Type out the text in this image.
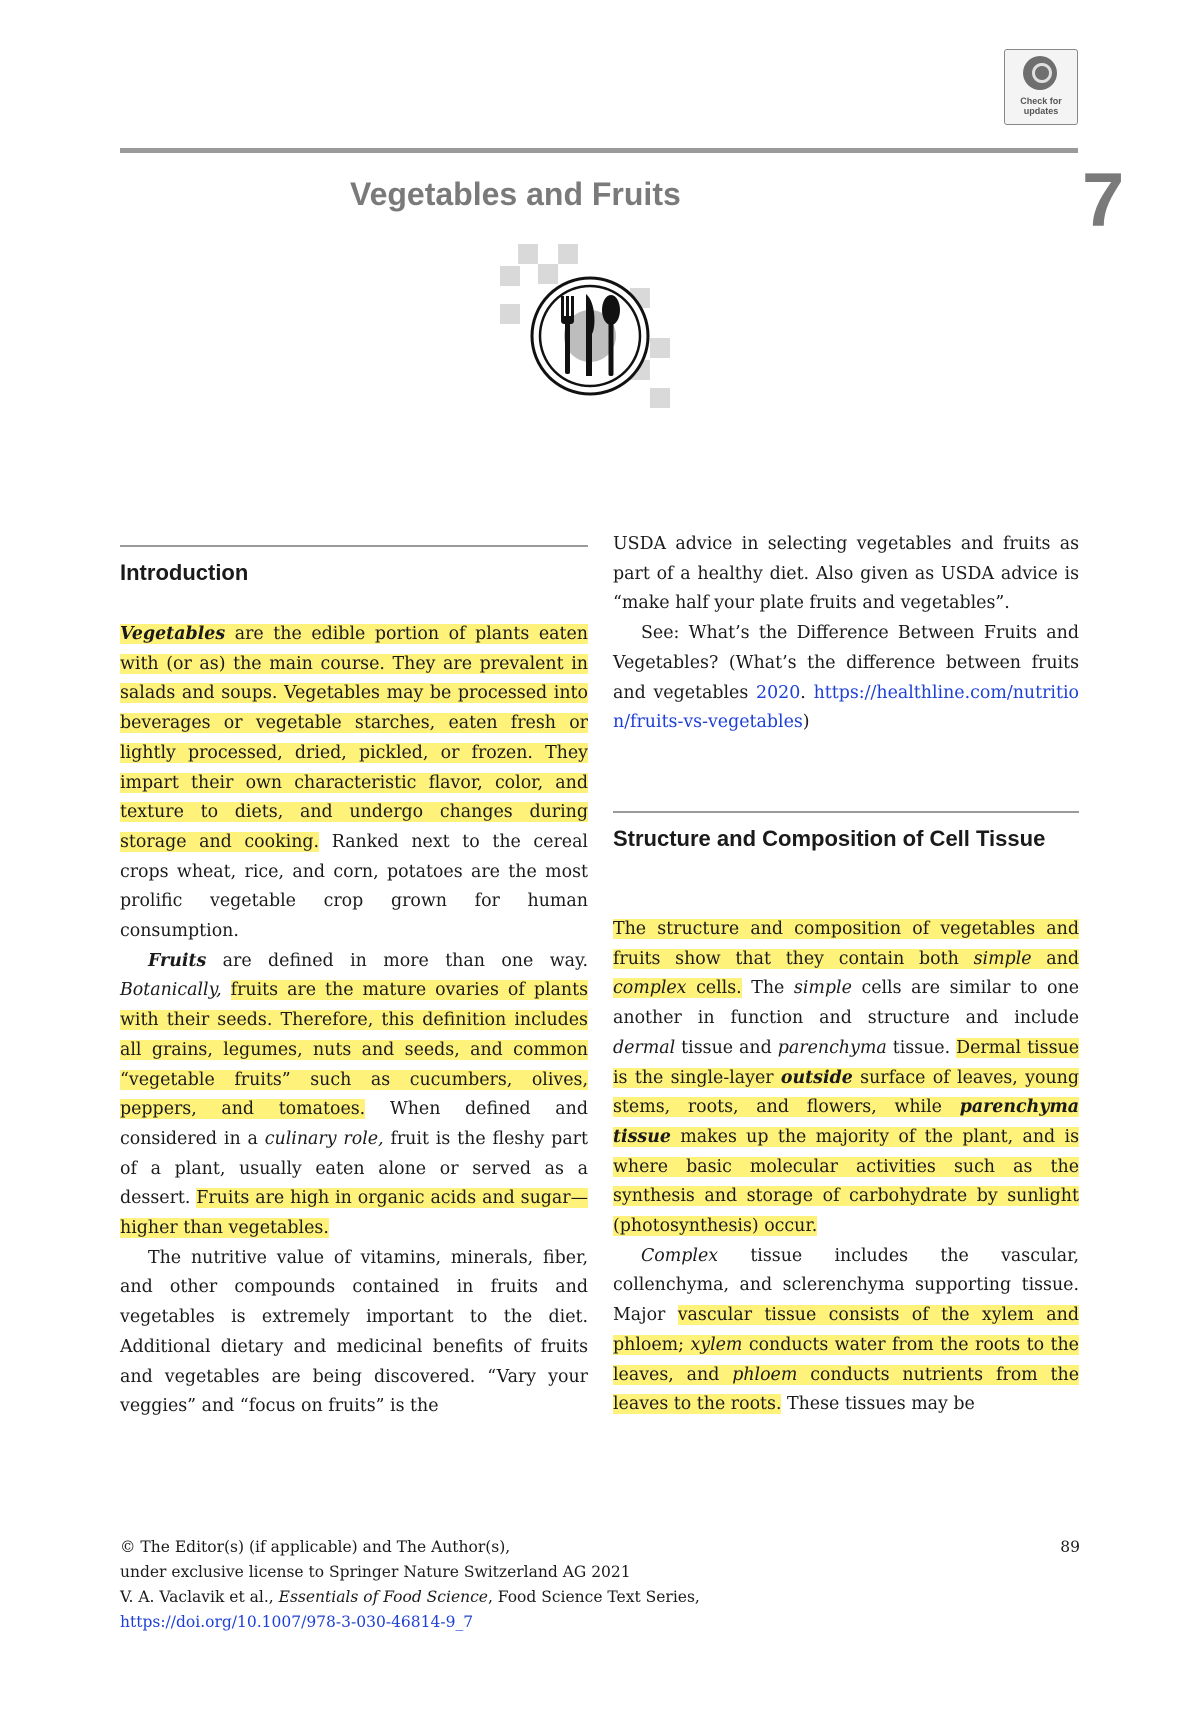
Check for
updates
Vegetables and Fruits	7
Introduction

Vegetables are the edible portion of plants eaten with (or as) the main course. They are prevalent in salads and soups. Vegetables may be processed into beverages or vegetable starches, eaten fresh or lightly processed, dried, pickled, or frozen. They impart their own characteristic flavor, color, and texture to diets, and undergo changes during storage and cooking. Ranked next to the cereal crops wheat, rice, and corn, potatoes are the most prolific vegetable crop grown for human consumption.

Fruits are defined in more than one way. Botanically, fruits are the mature ovaries of plants with their seeds. Therefore, this definition includes all grains, legumes, nuts and seeds, and common “vegetable fruits” such as cucumbers, olives, peppers, and tomatoes. When defined and considered in a culinary role, fruit is the fleshy part of a plant, usually eaten alone or served as a dessert. Fruits are high in organic acids and sugar—higher than vegetables.

The nutritive value of vitamins, minerals, fiber, and other compounds contained in fruits and vegetables is extremely important to the diet. Additional dietary and medicinal benefits of fruits and vegetables are being discovered. “Vary your veggies” and “focus on fruits” is the

USDA advice in selecting vegetables and fruits as part of a healthy diet. Also given as USDA advice is “make half your plate fruits and vegetables”.

See: What’s the Difference Between Fruits and Vegetables? (What’s the difference between fruits and vegetables 2020. https://healthline.com/nutrition/fruits-vs-vegetables)

Structure and Composition of Cell Tissue

The structure and composition of vegetables and fruits show that they contain both simple and complex cells. The simple cells are similar to one another in function and structure and include dermal tissue and parenchyma tissue. Dermal tissue is the single-layer outside surface of leaves, young stems, roots, and flowers, while parenchyma tissue makes up the majority of the plant, and is where basic molecular activities such as the synthesis and storage of carbohydrate by sunlight (photosynthesis) occur.

Complex tissue includes the vascular, collenchyma, and sclerenchyma supporting tissue. Major vascular tissue consists of the xylem and phloem; xylem conducts water from the roots to the leaves, and phloem conducts nutrients from the leaves to the roots. These tissues may be

89
© The Editor(s) (if applicable) and The Author(s),
under exclusive license to Springer Nature Switzerland AG 2021
V. A. Vaclavik et al., Essentials of Food Science, Food Science Text Series,
https://doi.org/10.1007/978-3-030-46814-9_7
